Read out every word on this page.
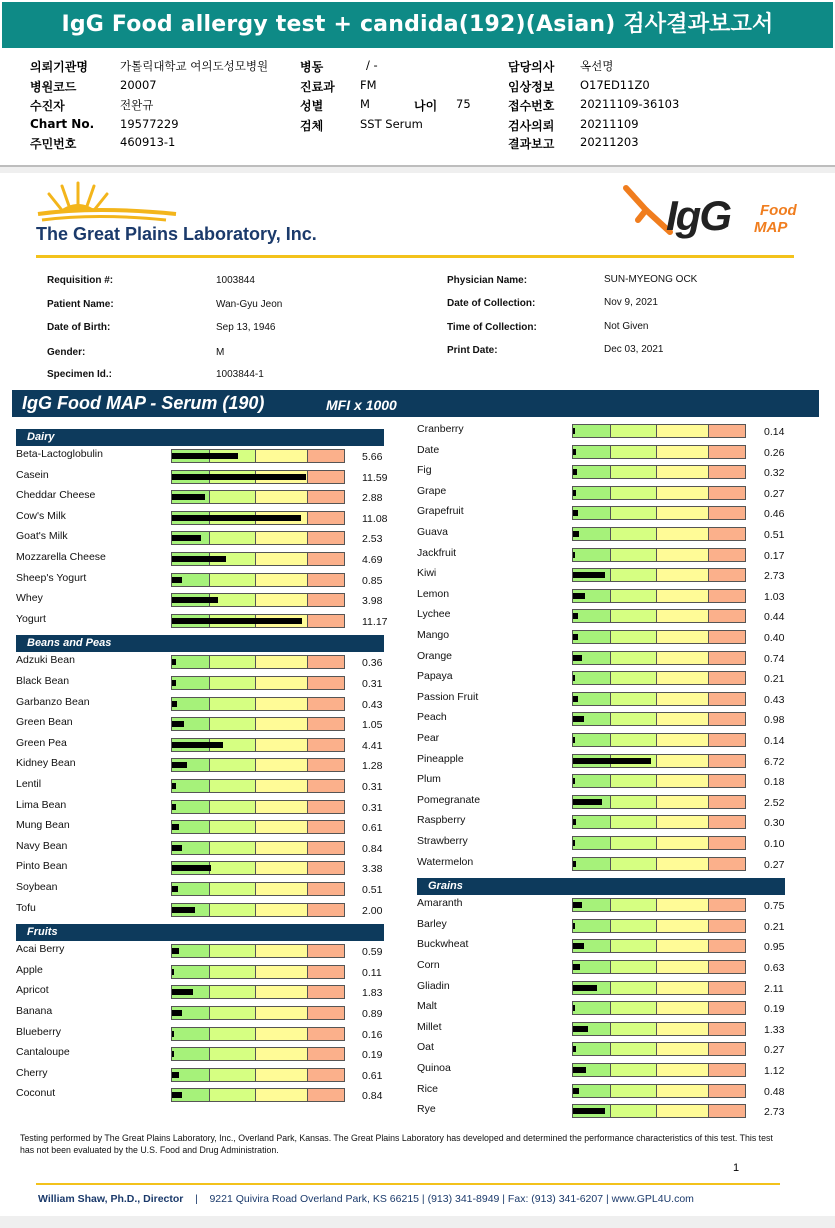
IgG Food allergy test + candida(192)(Asian) 검사결과보고서
의뢰기관명	가톨릭대학교 여의도성모병원
병원코드	20007
수진자	전완규
Chart No. 19577229
주민번호	460913-1
병동	/ -
진료과 FM
성별	M	나이 75
검체	SST Serum
담당의사 옥선명
임상정보 O17ED11Z0
접수번호 20211109-36103
검사의뢰 20211109
결과보고 20211203
The Great Plains Laboratory, Inc.	IgG Food
MAP
Requisition #:	1003844
Patient Name:	Wan-Gyu Jeon
Date of Birth:	Sep 13, 1946
Gender:	M
Specimen Id.:	1003844-1
Physician Name:	SUN-MYEONG OCK
Date of Collection:	Nov 9, 2021
Time of Collection:	Not Given
Print Date:	Dec 03, 2021
IgG Food MAP - Serum (190)	MFI x 1000
Dairy
Beta-Lactoglobulin	5.66
Casein	11.59
Cheddar Cheese	2.88
Cow's Milk	11.08
Goat's Milk	2.53
Mozzarella Cheese	4.69
Sheep's Yogurt	0.85
Whey	3.98
Yogurt	11.17
Beans and Peas
Adzuki Bean	0.36
Black Bean	0.31
Garbanzo Bean	0.43
Green Bean	1.05
Green Pea	4.41
Kidney Bean	1.28
Lentil	0.31
Lima Bean	0.31
Mung Bean	0.61
Navy Bean	0.84
Pinto Bean	3.38
Soybean	0.51
Tofu	2.00
Fruits
Acai Berry	0.59
Apple	0.11
Apricot	1.83
Banana	0.89
Blueberry	0.16
Cantaloupe	0.19
Cherry	0.61
Coconut	0.84
Cranberry	0.14
Date	0.26
Fig	0.32
Grape	0.27
Grapefruit	0.46
Guava	0.51
Jackfruit	0.17
Kiwi	2.73
Lemon	1.03
Lychee	0.44
Mango	0.40
Orange	0.74
Papaya	0.21
Passion Fruit	0.43
Peach	0.98
Pear	0.14
Pineapple	6.72
Plum	0.18
Pomegranate	2.52
Raspberry	0.30
Strawberry	0.10
Watermelon	0.27
Grains
Amaranth	0.75
Barley	0.21
Buckwheat	0.95
Corn	0.63
Gliadin	2.11
Malt	0.19
Millet	1.33
Oat	0.27
Quinoa	1.12
Rice	0.48
Rye	2.73
Testing performed by The Great Plains Laboratory, Inc., Overland Park, Kansas. The Great Plains Laboratory has developed and determined the performance characteristics of this test. This test has not been evaluated by the U.S. Food and Drug Administration.
1
William Shaw, Ph.D., Director    |    9221 Quivira Road Overland Park, KS 66215 | (913) 341-8949 | Fax: (913) 341-6207 | www.GPL4U.com
